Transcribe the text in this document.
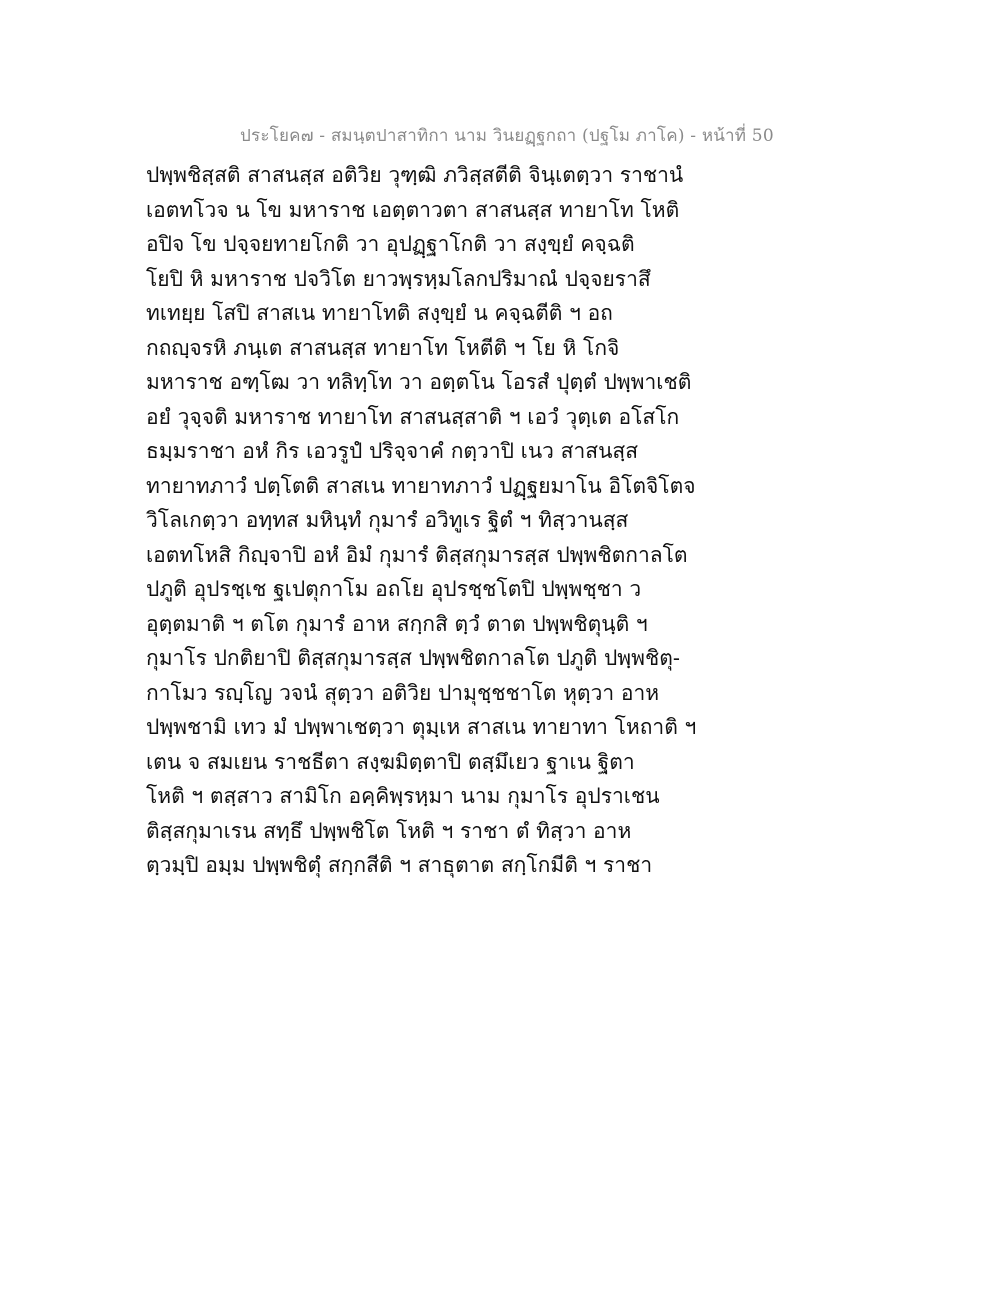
ประโยค๗ - สมนฺตปาสาทิกา นาม วินยฏฺฐกถา (ปฐโม ภาโค) - หน้าที่ 50
ปพฺพชิสฺสติ สาสนสฺส อติวิย วุฑฺฒิ ภวิสฺสตีติ จินฺเตตฺวา ราชานํ
เอตทโวจ น โข มหาราช เอตฺตาวตา สาสนสฺส ทายาโท โหติ
อปิจ โข ปจฺจยทายโกติ วา อุปฏฺฐาโกติ วา สงฺขฺยํ คจฺฉติ
โยปิ หิ มหาราช ปจวิโต ยาวพฺรหฺมโลกปริมาณํ ปจฺจยราสึ
ทเทยฺย โสปิ สาสเน ทายาโทติ สงฺขฺยํ น คจฺฉตีติ ฯ อถ
กถญฺจรหิ ภนฺเต สาสนสฺส ทายาโท โหตีติ ฯ โย หิ โกจิ
มหาราช อฑฺโฒ วา ทลิทฺโท วา อตฺตโน โอรสํ ปุตฺตํ ปพฺพาเชติ
อยํ วุจฺจติ มหาราช ทายาโท สาสนสฺสาติ ฯ เอวํ วุตฺเต อโสโก
ธมฺมราชา อหํ กิร เอวรูปํ ปริจฺจาคํ กตฺวาปิ เนว สาสนสฺส
ทายาทภาวํ ปตฺโตติ สาสเน ทายาทภาวํ ปฏฺฐยมาโน อิโตจิโตจ
วิโลเกตฺวา อทฺทส มหินฺทํ กุมารํ อวิทูเร ฐิตํ ฯ ทิสฺวานสฺส
เอตทโหสิ กิญฺจาปิ อหํ อิมํ กุมารํ ติสฺสกุมารสฺส ปพฺพชิตกาลโต
ปภูติ อุปรชฺเช ฐเปตุกาโม อถโย อุปรชฺชโตปิ ปพฺพชฺชา ว
อุตฺตมาติ ฯ ตโต กุมารํ อาห สกฺกสิ ตฺวํ ตาต ปพฺพชิตุนฺติ ฯ
กุมาโร ปกติยาปิ ติสฺสกุมารสฺส ปพฺพชิตกาลโต ปภูติ ปพฺพชิตุ-
กาโมว รญฺโญ วจนํ สุตฺวา อติวิย ปามุชฺชชาโต หุตฺวา อาห
ปพฺพชามิ เทว มํ ปพฺพาเชตฺวา ตุมฺเห สาสเน ทายาทา โหถาติ ฯ
เตน จ สมเยน ราชธีตา สงฺฆมิตฺตาปิ ตสฺมึเยว ฐาเน ฐิตา
โหติ ฯ ตสฺสาว สามิโก อคฺคิพฺรหฺมา นาม กุมาโร อุปราเชน
ติสฺสกุมาเรน สทฺธึ ปพฺพชิโต โหติ ฯ ราชา ตํ ทิสฺวา อาห
ตฺวมฺปิ อมฺม ปพฺพชิตุํ สกฺกสีติ ฯ สาธุตาต สกฺโกมีติ ฯ ราชา
